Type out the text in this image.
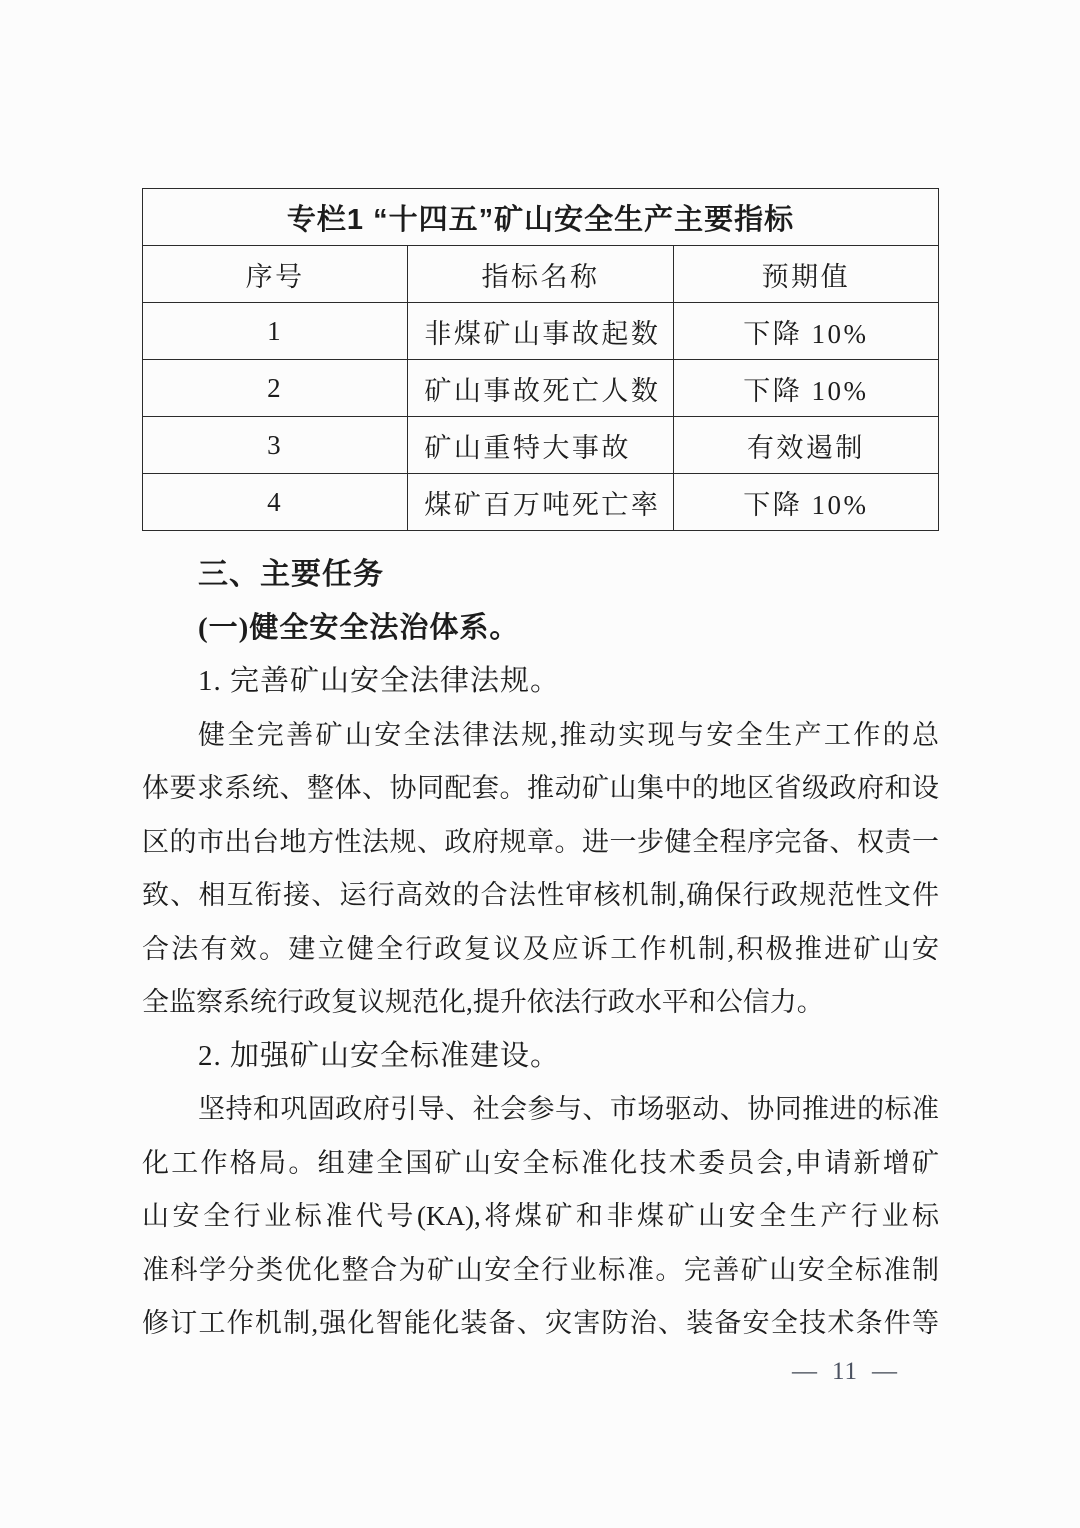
专栏1 “十四五”矿山安全生产主要指标		
序号	指标名称	预期值
1	非煤矿山事故起数	下降 10%
2	矿山事故死亡人数	下降 10%
3	矿山重特大事故	有效遏制
4	煤矿百万吨死亡率	下降 10%
三、主要任务
(一)健全安全法治体系。
1. 完善矿山安全法律法规。
健全完善矿山安全法律法规,推动实现与安全生产工作的总
体要求系统、整体、协同配套。推动矿山集中的地区省级政府和设
区的市出台地方性法规、政府规章。进一步健全程序完备、权责一
致、相互衔接、运行高效的合法性审核机制,确保行政规范性文件
合法有效。建立健全行政复议及应诉工作机制,积极推进矿山安
全监察系统行政复议规范化,提升依法行政水平和公信力。
2. 加强矿山安全标准建设。
坚持和巩固政府引导、社会参与、市场驱动、协同推进的标准
化工作格局。组建全国矿山安全标准化技术委员会,申请新增矿
山安全行业标准代号(KA),将煤矿和非煤矿山安全生产行业标
准科学分类优化整合为矿山安全行业标准。完善矿山安全标准制
修订工作机制,强化智能化装备、灾害防治、装备安全技术条件等
— 11 —
